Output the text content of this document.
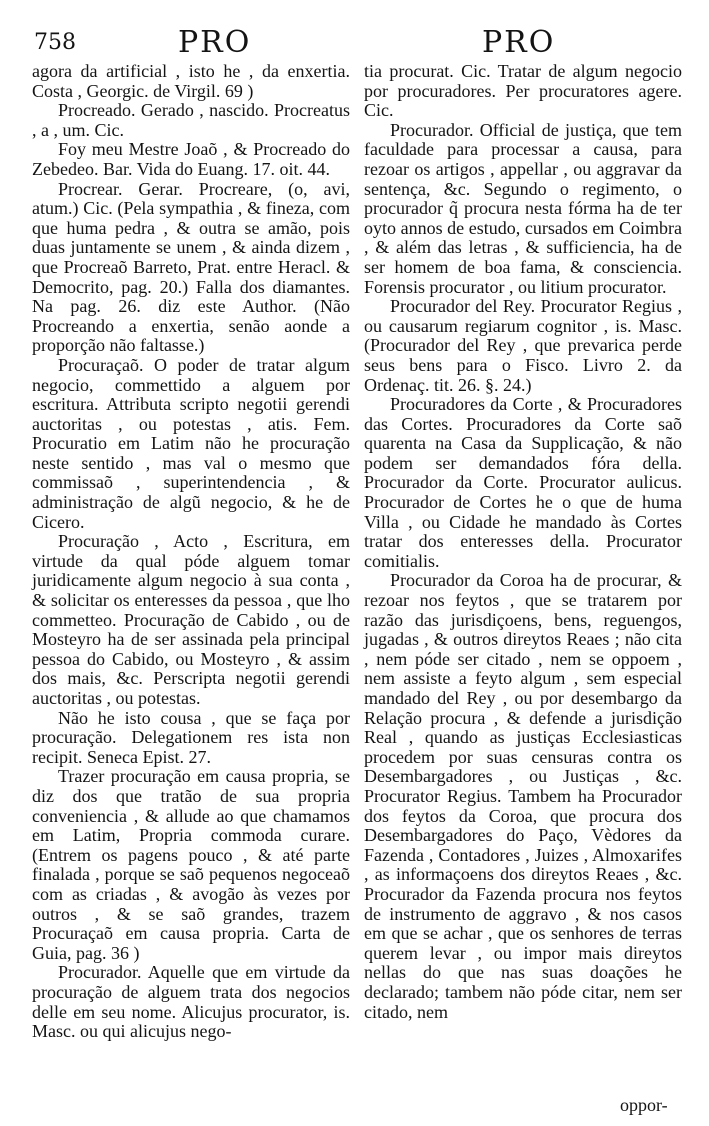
758	PRO	PRO

agora da artificial , isto he , da enxertia. Costa , Georgic. de Virgil. 69 )

Procreado. Gerado , nascido. Procreatus , a , um. Cic.

Foy meu Mestre Joaõ , & Procreado do Zebedeo. Bar. Vida do Euang. 17. oit. 44.

Procrear. Gerar. Procreare, (o, avi, atum.) Cic. (Pela sympathia , & fineza, com que huma pedra , & outra se amão, pois duas juntamente se unem , & ainda dizem , que Procreaõ Barreto, Prat. entre Heracl. & Democrito, pag. 20.) Falla dos diamantes. Na pag. 26. diz este Author. (Não Procreando a enxertia, senão aonde a proporção não faltasse.)

Procuraçaõ. O poder de tratar algum negocio, commettido a alguem por escritura. Attributa scripto negotii gerendi auctoritas , ou potestas , atis. Fem. Procuratio em Latim não he procuração neste sentido , mas val o mesmo que commissaõ , superintendencia , & administração de algũ negocio, & he de Cicero.

Procuração , Acto , Escritura, em virtude da qual póde alguem tomar juridicamente algum negocio à sua conta , & solicitar os enteresses da pessoa , que lho commetteo. Procuração de Cabido , ou de Mosteyro ha de ser assinada pela principal pessoa do Cabido, ou Mosteyro , & assim dos mais, &c. Perscripta negotii gerendi auctoritas , ou potestas.

Não he isto cousa , que se faça por procuração. Delegationem res ista non recipit. Seneca Epist. 27.

Trazer procuração em causa propria, se diz dos que tratão de sua propria conveniencia , & allude ao que chamamos em Latim, Propria commoda curare. (Entrem os pagens pouco , & até parte finalada , porque se saõ pequenos negoceaõ com as criadas , & avogão às vezes por outros , & se saõ grandes, trazem Procuraçaõ em causa propria. Carta de Guia, pag. 36 )

Procurador. Aquelle que em virtude da procuração de alguem trata dos negocios delle em seu nome. Alicujus procurator, is. Masc. ou qui alicujus nego-

tia procurat. Cic. Tratar de algum negocio por procuradores. Per procuratores agere. Cic.

Procurador. Official de justiça, que tem faculdade para processar a causa, para rezoar os artigos , appellar , ou aggravar da sentença, &c. Segundo o regimento, o procurador q̃ procura nesta fórma ha de ter oyto annos de estudo, cursados em Coimbra , & além das letras , & sufficiencia, ha de ser homem de boa fama, & consciencia. Forensis procurator , ou litium procurator.

Procurador del Rey. Procurator Regius , ou causarum regiarum cognitor , is. Masc. (Procurador del Rey , que prevarica perde seus bens para o Fisco. Livro 2. da Ordenaç. tit. 26. §. 24.)

Procuradores da Corte , & Procuradores das Cortes. Procuradores da Corte saõ quarenta na Casa da Supplicação, & não podem ser demandados fóra della. Procurador da Corte. Procurator aulicus. Procurador de Cortes he o que de huma Villa , ou Cidade he mandado às Cortes tratar dos enteresses della. Procurator comitialis.

Procurador da Coroa ha de procurar, & rezoar nos feytos , que se tratarem por razão das jurisdiçoens, bens, reguengos, jugadas , & outros direytos Reaes ; não cita , nem póde ser citado , nem se oppoem , nem assiste a feyto algum , sem especial mandado del Rey , ou por desembargo da Relação procura , & defende a jurisdição Real , quando as justiças Ecclesiasticas procedem por suas censuras contra os Desembargadores , ou Justiças , &c. Procurator Regius. Tambem ha Procurador dos feytos da Coroa, que procura dos Desembargadores do Paço, Vèdores da Fazenda , Contadores , Juizes , Almoxarifes , as informaçoens dos direytos Reaes , &c. Procurador da Fazenda procura nos feytos de instrumento de aggravo , & nos casos em que se achar , que os senhores de terras querem levar , ou impor mais direytos nellas do que nas suas doações he declarado; tambem não póde citar, nem ser citado, nem

oppor-
